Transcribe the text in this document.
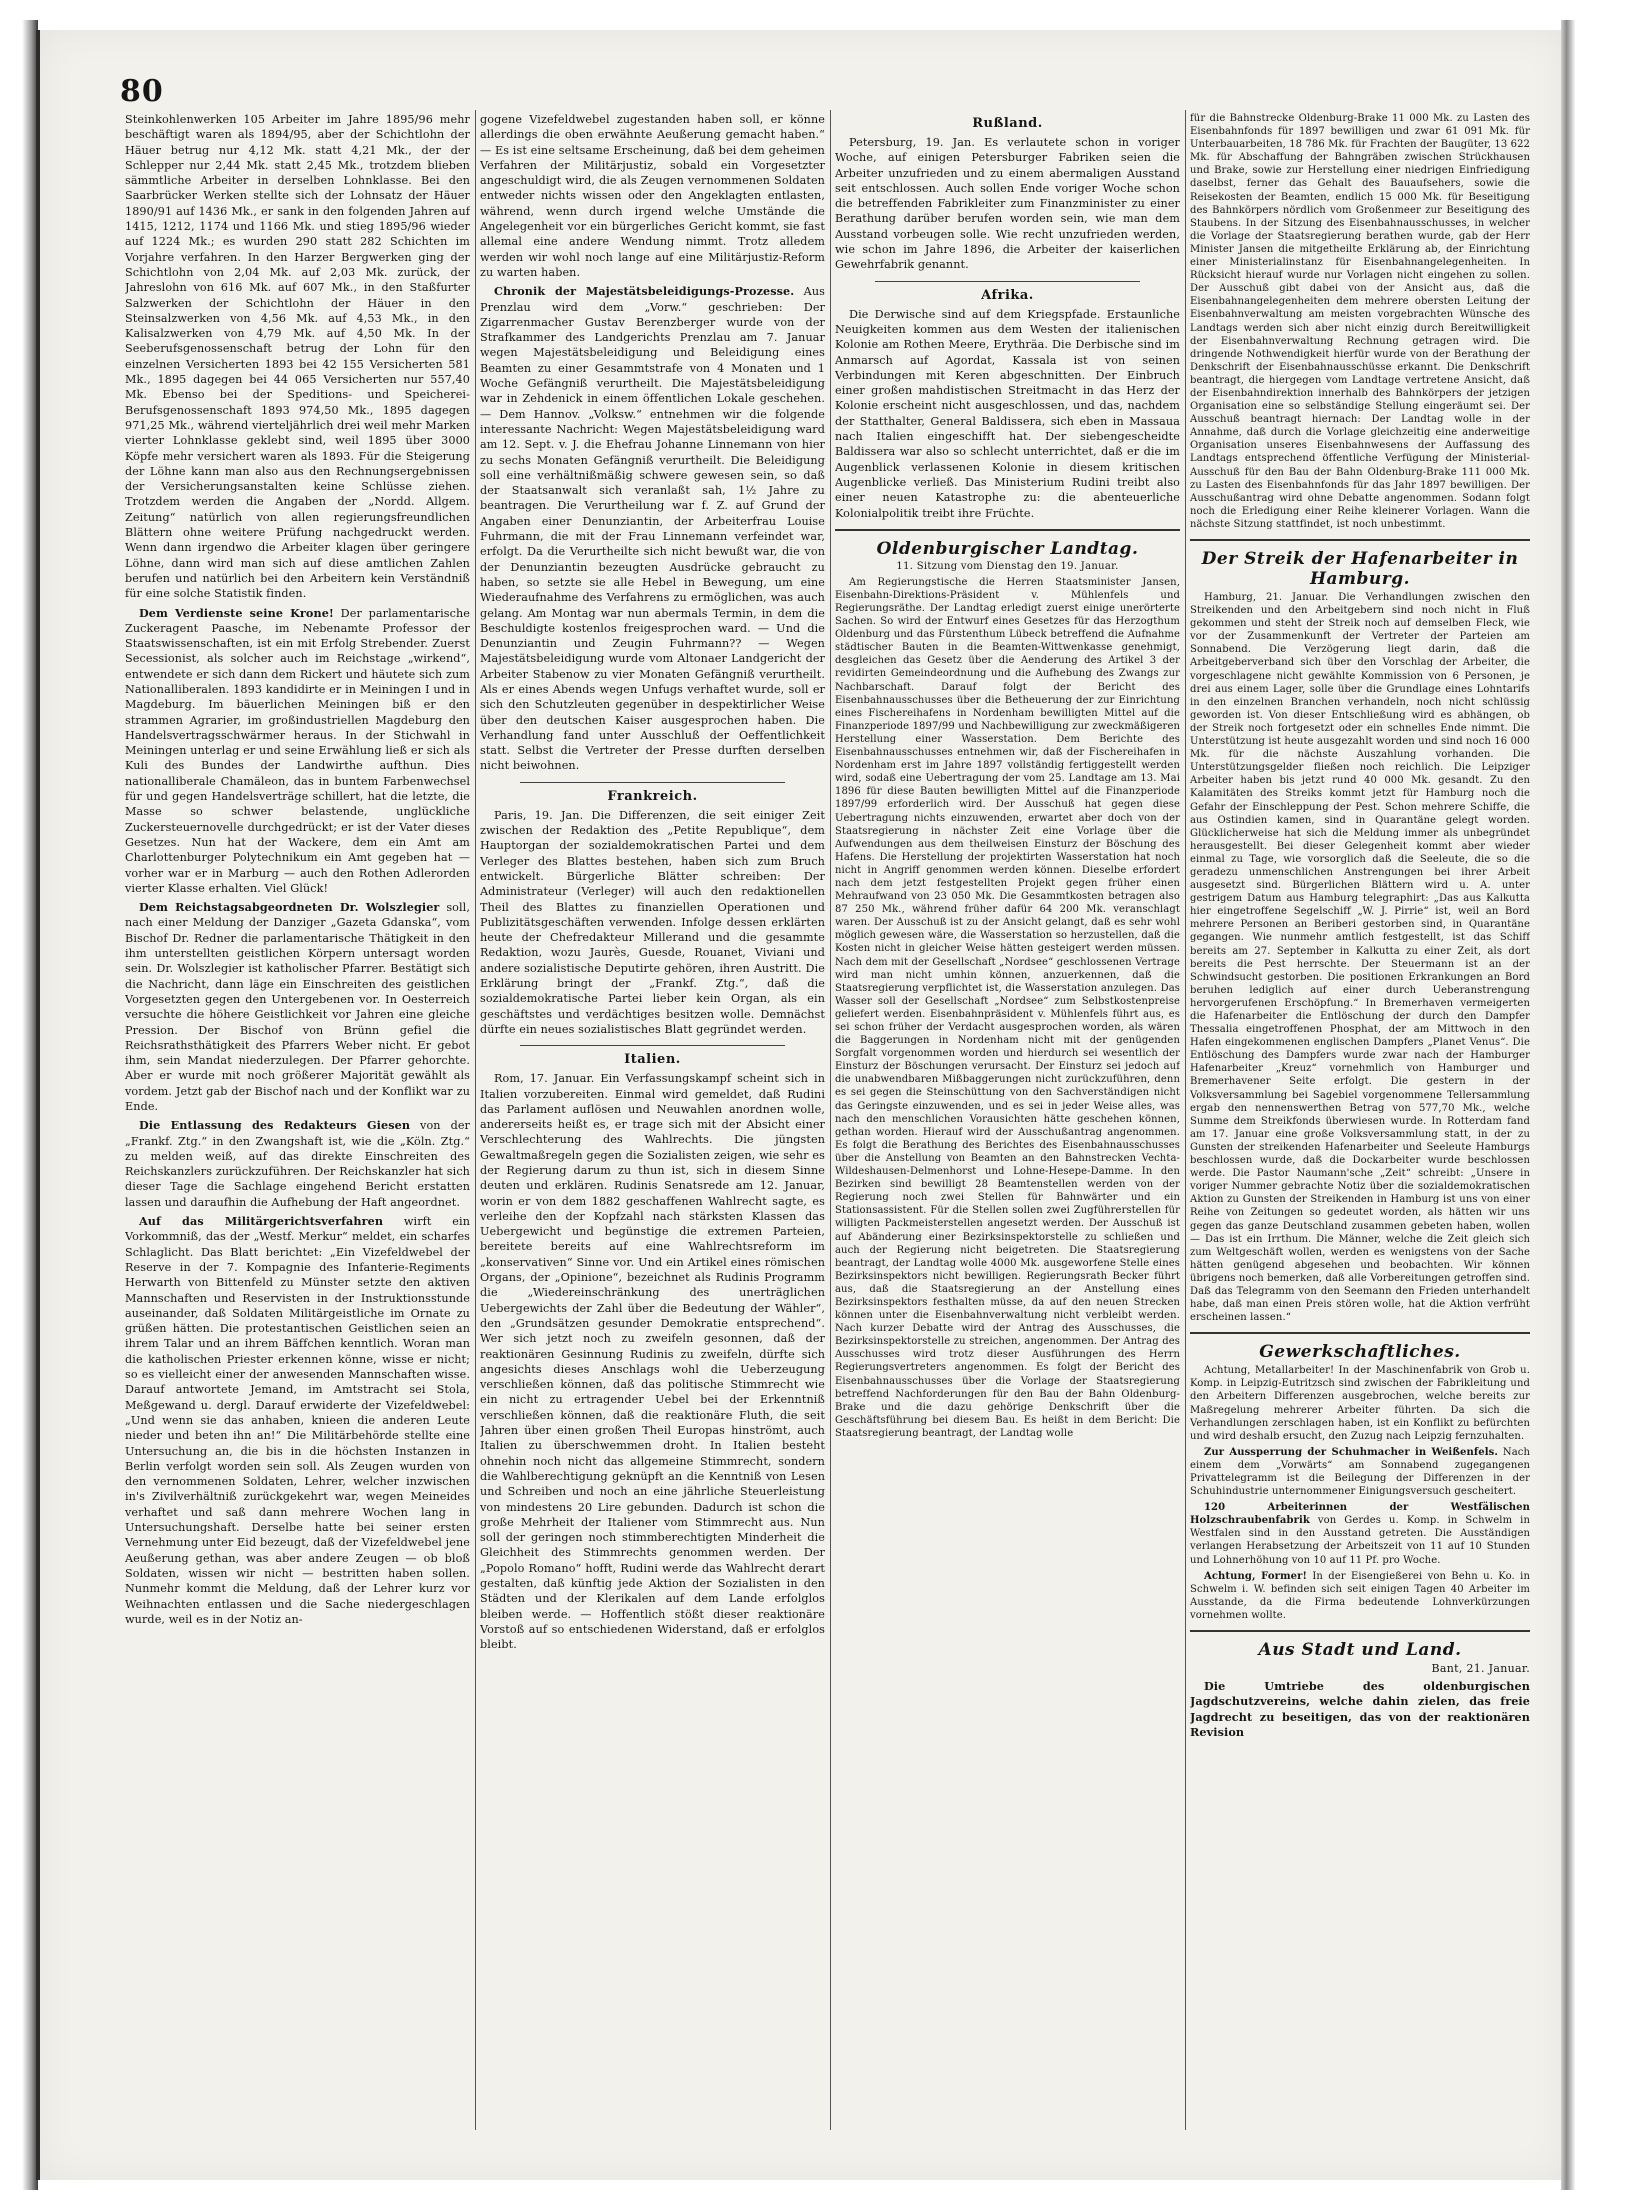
80
Steinkohlenwerken 105 Arbeiter im Jahre 1895/96 mehr beschäftigt waren als 1894/95, aber der Schichtlohn der Häuer betrug nur 4,12 Mk. statt 4,21 Mk., der der Schlepper nur 2,44 Mk. statt 2,45 Mk., trotzdem blieben sämmtliche Arbeiter in derselben Lohnklasse. Bei den Saarbrücker Werken stellte sich der Lohnsatz der Häuer 1890/91 auf 1436 Mk., er sank in den folgenden Jahren auf 1415, 1212, 1174 und 1166 Mk. und stieg 1895/96 wieder auf 1224 Mk.; es wurden 290 statt 282 Schichten im Vorjahre verfahren. In den Harzer Bergwerken ging der Schichtlohn von 2,04 Mk. auf 2,03 Mk. zurück, der Jahreslohn von 616 Mk. auf 607 Mk., in den Staßfurter Salzwerken der Schichtlohn der Häuer in den Steinsalzwerken von 4,56 Mk. auf 4,53 Mk., in den Kalisalzwerken von 4,79 Mk. auf 4,50 Mk. In der Seeberufsgenossenschaft betrug der Lohn für den einzelnen Versicherten 1893 bei 42 155 Versicherten 581 Mk., 1895 dagegen bei 44 065 Versicherten nur 557,40 Mk. Ebenso bei der Speditions- und Speicherei-Berufsgenossenschaft 1893 974,50 Mk., 1895 dagegen 971,25 Mk., während vierteljährlich drei weil mehr Marken vierter Lohnklasse geklebt sind, weil 1895 über 3000 Köpfe mehr versichert waren als 1893. Für die Steigerung der Löhne kann man also aus den Rechnungsergebnissen der Versicherungsanstalten keine Schlüsse ziehen. Trotzdem werden die Angaben der „Nordd. Allgem. Zeitung“ natürlich von allen regierungsfreundlichen Blättern ohne weitere Prüfung nachgedruckt werden. Wenn dann irgendwo die Arbeiter klagen über geringere Löhne, dann wird man sich auf diese amtlichen Zahlen berufen und natürlich bei den Arbeitern kein Verständniß für eine solche Statistik finden.

Dem Verdienste seine Krone! Der parlamentarische Zuckeragent Paasche, im Nebenamte Professor der Staatswissenschaften, ist ein mit Erfolg Strebender. Zuerst Secessionist, als solcher auch im Reichstage „wirkend“, entwendete er sich dann dem Rickert und häutete sich zum Nationalliberalen. 1893 kandidirte er in Meiningen I und in Magdeburg. Im bäuerlichen Meiningen biß er den strammen Agrarier, im großindustriellen Magdeburg den Handelsvertragsschwärmer heraus. In der Stichwahl in Meiningen unterlag er und seine Erwählung ließ er sich als Kuli des Bundes der Landwirthe aufthun. Dies nationalliberale Chamäleon, das in buntem Farbenwechsel für und gegen Handelsverträge schillert, hat die letzte, die Masse so schwer belastende, unglückliche Zuckersteuernovelle durchgedrückt; er ist der Vater dieses Gesetzes. Nun hat der Wackere, dem ein Amt am Charlottenburger Polytechnikum ein Amt gegeben hat — vorher war er in Marburg — auch den Rothen Adlerorden vierter Klasse erhalten. Viel Glück!

Dem Reichstagsabgeordneten Dr. Wolszlegier soll, nach einer Meldung der Danziger „Gazeta Gdanska“, vom Bischof Dr. Redner die parlamentarische Thätigkeit in den ihm unterstellten geistlichen Körpern untersagt worden sein. Dr. Wolszlegier ist katholischer Pfarrer. Bestätigt sich die Nachricht, dann läge ein Einschreiten des geistlichen Vorgesetzten gegen den Untergebenen vor. In Oesterreich versuchte die höhere Geistlichkeit vor Jahren eine gleiche Pression. Der Bischof von Brünn gefiel die Reichsrathsthätigkeit des Pfarrers Weber nicht. Er gebot ihm, sein Mandat niederzulegen. Der Pfarrer gehorchte. Aber er wurde mit noch größerer Majorität gewählt als vordem. Jetzt gab der Bischof nach und der Konflikt war zu Ende.

Die Entlassung des Redakteurs Giesen von der „Frankf. Ztg.“ in den Zwangshaft ist, wie die „Köln. Ztg.“ zu melden weiß, auf das direkte Einschreiten des Reichskanzlers zurückzuführen. Der Reichskanzler hat sich dieser Tage die Sachlage eingehend Bericht erstatten lassen und daraufhin die Aufhebung der Haft angeordnet.

Auf das Militärgerichtsverfahren wirft ein Vorkommniß, das der „Westf. Merkur“ meldet, ein scharfes Schlaglicht. Das Blatt berichtet: „Ein Vizefeldwebel der Reserve in der 7. Kompagnie des Infanterie-Regiments Herwarth von Bittenfeld zu Münster setzte den aktiven Mannschaften und Reservisten in der Instruktionsstunde auseinander, daß Soldaten Militärgeistliche im Ornate zu grüßen hätten. Die protestantischen Geistlichen seien an ihrem Talar und an ihrem Bäffchen kenntlich. Woran man die katholischen Priester erkennen könne, wisse er nicht; so es vielleicht einer der anwesenden Mannschaften wisse. Darauf antwortete Jemand, im Amtstracht sei Stola, Meßgewand u. dergl. Darauf erwiderte der Vizefeldwebel: „Und wenn sie das anhaben, knieen die anderen Leute nieder und beten ihn an!“ Die Militärbehörde stellte eine Untersuchung an, die bis in die höchsten Instanzen in Berlin verfolgt worden sein soll. Als Zeugen wurden von den vernommenen Soldaten, Lehrer, welcher inzwischen in's Zivilverhältniß zurückgekehrt war, wegen Meineides verhaftet und saß dann mehrere Wochen lang in Untersuchungshaft. Derselbe hatte bei seiner ersten Vernehmung unter Eid bezeugt, daß der Vizefeldwebel jene Aeußerung gethan, was aber andere Zeugen — ob bloß Soldaten, wissen wir nicht — bestritten haben sollen. Nunmehr kommt die Meldung, daß der Lehrer kurz vor Weihnachten entlassen und die Sache niedergeschlagen wurde, weil es in der Notiz an-

gogene Vizefeldwebel zugestanden haben soll, er könne allerdings die oben erwähnte Aeußerung gemacht haben.“ — Es ist eine seltsame Erscheinung, daß bei dem geheimen Verfahren der Militärjustiz, sobald ein Vorgesetzter angeschuldigt wird, die als Zeugen vernommenen Soldaten entweder nichts wissen oder den Angeklagten entlasten, während, wenn durch irgend welche Umstände die Angelegenheit vor ein bürgerliches Gericht kommt, sie fast allemal eine andere Wendung nimmt. Trotz alledem werden wir wohl noch lange auf eine Militärjustiz-Reform zu warten haben.

Chronik der Majestätsbeleidigungs-Prozesse. Aus Prenzlau wird dem „Vorw.“ geschrieben: Der Zigarrenmacher Gustav Berenzberger wurde von der Strafkammer des Landgerichts Prenzlau am 7. Januar wegen Majestätsbeleidigung und Beleidigung eines Beamten zu einer Gesammtstrafe von 4 Monaten und 1 Woche Gefängniß verurtheilt. Die Majestätsbeleidigung war in Zehdenick in einem öffentlichen Lokale geschehen. — Dem Hannov. „Volksw.“ entnehmen wir die folgende interessante Nachricht: Wegen Majestätsbeleidigung ward am 12. Sept. v. J. die Ehefrau Johanne Linnemann von hier zu sechs Monaten Gefängniß verurtheilt. Die Beleidigung soll eine verhältnißmäßig schwere gewesen sein, so daß der Staatsanwalt sich veranlaßt sah, 1½ Jahre zu beantragen. Die Verurtheilung war f. Z. auf Grund der Angaben einer Denunziantin, der Arbeiterfrau Louise Fuhrmann, die mit der Frau Linnemann verfeindet war, erfolgt. Da die Verurtheilte sich nicht bewußt war, die von der Denunziantin bezeugten Ausdrücke gebraucht zu haben, so setzte sie alle Hebel in Bewegung, um eine Wiederaufnahme des Verfahrens zu ermöglichen, was auch gelang. Am Montag war nun abermals Termin, in dem die Beschuldigte kostenlos freigesprochen ward. — Und die Denunziantin und Zeugin Fuhrmann?? — Wegen Majestätsbeleidigung wurde vom Altonaer Landgericht der Arbeiter Stabenow zu vier Monaten Gefängniß verurtheilt. Als er eines Abends wegen Unfugs verhaftet wurde, soll er sich den Schutzleuten gegenüber in despektirlicher Weise über den deutschen Kaiser ausgesprochen haben. Die Verhandlung fand unter Ausschluß der Oeffentlichkeit statt. Selbst die Vertreter der Presse durften derselben nicht beiwohnen.

Frankreich.

Paris, 19. Jan. Die Differenzen, die seit einiger Zeit zwischen der Redaktion des „Petite Republique“, dem Hauptorgan der sozialdemokratischen Partei und dem Verleger des Blattes bestehen, haben sich zum Bruch entwickelt. Bürgerliche Blätter schreiben: Der Administrateur (Verleger) will auch den redaktionellen Theil des Blattes zu finanziellen Operationen und Publizitätsgeschäften verwenden. Infolge dessen erklärten heute der Chefredakteur Millerand und die gesammte Redaktion, wozu Jaurès, Guesde, Rouanet, Viviani und andere sozialistische Deputirte gehören, ihren Austritt. Die Erklärung bringt der „Frankf. Ztg.“, daß die sozialdemokratische Partei lieber kein Organ, als ein geschäftstes und verdächtiges besitzen wolle. Demnächst dürfte ein neues sozialistisches Blatt gegründet werden.

Italien.

Rom, 17. Januar. Ein Verfassungskampf scheint sich in Italien vorzubereiten. Einmal wird gemeldet, daß Rudini das Parlament auflösen und Neuwahlen anordnen wolle, andererseits heißt es, er trage sich mit der Absicht einer Verschlechterung des Wahlrechts. Die jüngsten Gewaltmaßregeln gegen die Sozialisten zeigen, wie sehr es der Regierung darum zu thun ist, sich in diesem Sinne deuten und erklären. Rudinis Senatsrede am 12. Januar, worin er von dem 1882 geschaffenen Wahlrecht sagte, es verleihe den der Kopfzahl nach stärksten Klassen das Uebergewicht und begünstige die extremen Parteien, bereitete bereits auf eine Wahlrechtsreform im „konservativen“ Sinne vor. Und ein Artikel eines römischen Organs, der „Opinione“, bezeichnet als Rudinis Programm die „Wiedereinschränkung des unerträglichen Uebergewichts der Zahl über die Bedeutung der Wähler“, den „Grundsätzen gesunder Demokratie entsprechend“. Wer sich jetzt noch zu zweifeln gesonnen, daß der reaktionären Gesinnung Rudinis zu zweifeln, dürfte sich angesichts dieses Anschlags wohl die Ueberzeugung verschließen können, daß das politische Stimmrecht wie ein nicht zu ertragender Uebel bei der Erkenntniß verschließen können, daß die reaktionäre Fluth, die seit Jahren über einen großen Theil Europas hinströmt, auch Italien zu überschwemmen droht. In Italien besteht ohnehin noch nicht das allgemeine Stimmrecht, sondern die Wahlberechtigung geknüpft an die Kenntniß von Lesen und Schreiben und noch an eine jährliche Steuerleistung von mindestens 20 Lire gebunden. Dadurch ist schon die große Mehrheit der Italiener vom Stimmrecht aus. Nun soll der geringen noch stimmberechtigten Minderheit die Gleichheit des Stimmrechts genommen werden. Der „Popolo Romano“ hofft, Rudini werde das Wahlrecht derart gestalten, daß künftig jede Aktion der Sozialisten in den Städten und der Klerikalen auf dem Lande erfolglos bleiben werde. — Hoffentlich stößt dieser reaktionäre Vorstoß auf so entschiedenen Widerstand, daß er erfolglos bleibt.

Rußland.

Petersburg, 19. Jan. Es verlautete schon in voriger Woche, auf einigen Petersburger Fabriken seien die Arbeiter unzufrieden und zu einem abermaligen Ausstand seit entschlossen. Auch sollen Ende voriger Woche schon die betreffenden Fabrikleiter zum Finanzminister zu einer Berathung darüber berufen worden sein, wie man dem Ausstand vorbeugen solle. Wie recht unzufrieden werden, wie schon im Jahre 1896, die Arbeiter der kaiserlichen Gewehrfabrik genannt.

Afrika.

Die Derwische sind auf dem Kriegspfade. Erstaunliche Neuigkeiten kommen aus dem Westen der italienischen Kolonie am Rothen Meere, Erythräa. Die Derbische sind im Anmarsch auf Agordat, Kassala ist von seinen Verbindungen mit Keren abgeschnitten. Der Einbruch einer großen mahdistischen Streitmacht in das Herz der Kolonie erscheint nicht ausgeschlossen, und das, nachdem der Statthalter, General Baldissera, sich eben in Massaua nach Italien eingeschifft hat. Der siebengescheidte Baldissera war also so schlecht unterrichtet, daß er die im Augenblick verlassenen Kolonie in diesem kritischen Augenblicke verließ. Das Ministerium Rudini treibt also einer neuen Katastrophe zu: die abenteuerliche Kolonialpolitik treibt ihre Früchte.

Oldenburgischer Landtag.
11. Sitzung vom Dienstag den 19. Januar.

Am Regierungstische die Herren Staatsminister Jansen, Eisenbahn-Direktions-Präsident v. Mühlenfels und Regierungsräthe. Der Landtag erledigt zuerst einige unerörterte Sachen. So wird der Entwurf eines Gesetzes für das Herzogthum Oldenburg und das Fürstenthum Lübeck betreffend die Aufnahme städtischer Bauten in die Beamten-Wittwenkasse genehmigt, desgleichen das Gesetz über die Aenderung des Artikel 3 der revidirten Gemeindeordnung und die Aufhebung des Zwangs zur Nachbarschaft. Darauf folgt der Bericht des Eisenbahnausschusses über die Betheuerung der zur Einrichtung eines Fischereihafens in Nordenham bewilligten Mittel auf die Finanzperiode 1897/99 und Nachbewilligung zur zweckmäßigeren Herstellung einer Wasserstation. Dem Berichte des Eisenbahnausschusses entnehmen wir, daß der Fischereihafen in Nordenham erst im Jahre 1897 vollständig fertiggestellt werden wird, sodaß eine Uebertragung der vom 25. Landtage am 13. Mai 1896 für diese Bauten bewilligten Mittel auf die Finanzperiode 1897/99 erforderlich wird. Der Ausschuß hat gegen diese Uebertragung nichts einzuwenden, erwartet aber doch von der Staatsregierung in nächster Zeit eine Vorlage über die Aufwendungen aus dem theilweisen Einsturz der Böschung des Hafens. Die Herstellung der projektirten Wasserstation hat noch nicht in Angriff genommen werden können. Dieselbe erfordert nach dem jetzt festgestellten Projekt gegen früher einen Mehraufwand von 23 050 Mk. Die Gesammtkosten betragen also 87 250 Mk., während früher dafür 64 200 Mk. veranschlagt waren. Der Ausschuß ist zu der Ansicht gelangt, daß es sehr wohl möglich gewesen wäre, die Wasserstation so herzustellen, daß die Kosten nicht in gleicher Weise hätten gesteigert werden müssen. Nach dem mit der Gesellschaft „Nordsee“ geschlossenen Vertrage wird man nicht umhin können, anzuerkennen, daß die Staatsregierung verpflichtet ist, die Wasserstation anzulegen. Das Wasser soll der Gesellschaft „Nordsee“ zum Selbstkostenpreise geliefert werden. Eisenbahnpräsident v. Mühlenfels führt aus, es sei schon früher der Verdacht ausgesprochen worden, als wären die Baggerungen in Nordenham nicht mit der genügenden Sorgfalt vorgenommen worden und hierdurch sei wesentlich der Einsturz der Böschungen verursacht. Der Einsturz sei jedoch auf die unabwendbaren Mißbaggerungen nicht zurückzuführen, denn es sei gegen die Steinschüttung von den Sachverständigen nicht das Geringste einzuwenden, und es sei in jeder Weise alles, was nach den menschlichen Vorausichten hätte geschehen können, gethan worden. Hierauf wird der Ausschußantrag angenommen. Es folgt die Berathung des Berichtes des Eisenbahnausschusses über die Anstellung von Beamten an den Bahnstrecken Vechta-Wildeshausen-Delmenhorst und Lohne-Hesepe-Damme. In den Bezirken sind bewilligt 28 Beamtenstellen werden von der Regierung noch zwei Stellen für Bahnwärter und ein Stationsassistent. Für die Stellen sollen zwei Zugführerstellen für willigten Packmeisterstellen angesetzt werden. Der Ausschuß ist auf Abänderung einer Bezirksinspektorstelle zu schließen und auch der Regierung nicht beigetreten. Die Staatsregierung beantragt, der Landtag wolle 4000 Mk. ausgeworfene Stelle eines Bezirksinspektors nicht bewilligen. Regierungsrath Becker führt aus, daß die Staatsregierung an der Anstellung eines Bezirksinspektors festhalten müsse, da auf den neuen Strecken können unter die Eisenbahnverwaltung nicht verbleibt werden. Nach kurzer Debatte wird der Antrag des Ausschusses, die Bezirksinspektorstelle zu streichen, angenommen. Der Antrag des Ausschusses wird trotz dieser Ausführungen des Herrn Regierungsvertreters angenommen. Es folgt der Bericht des Eisenbahnausschusses über die Vorlage der Staatsregierung betreffend Nachforderungen für den Bau der Bahn Oldenburg-Brake und die dazu gehörige Denkschrift über die Geschäftsführung bei diesem Bau. Es heißt in dem Bericht: Die Staatsregierung beantragt, der Landtag wolle

für die Bahnstrecke Oldenburg-Brake 11 000 Mk. zu Lasten des Eisenbahnfonds für 1897 bewilligen und zwar 61 091 Mk. für Unterbauarbeiten, 18 786 Mk. für Frachten der Baugüter, 13 622 Mk. für Abschaffung der Bahngräben zwischen Strückhausen und Brake, sowie zur Herstellung einer niedrigen Einfriedigung daselbst, ferner das Gehalt des Bauaufsehers, sowie die Reisekosten der Beamten, endlich 15 000 Mk. für Beseitigung des Bahnkörpers nördlich vom Großenmeer zur Beseitigung des Staubens. In der Sitzung des Eisenbahnausschusses, in welcher die Vorlage der Staatsregierung berathen wurde, gab der Herr Minister Jansen die mitgetheilte Erklärung ab, der Einrichtung einer Ministerialinstanz für Eisenbahnangelegenheiten. In Rücksicht hierauf wurde nur Vorlagen nicht eingehen zu sollen. Der Ausschuß gibt dabei von der Ansicht aus, daß die Eisenbahnangelegenheiten dem mehrere obersten Leitung der Eisenbahnverwaltung am meisten vorgebrachten Wünsche des Landtags werden sich aber nicht einzig durch Bereitwilligkeit der Eisenbahnverwaltung Rechnung getragen wird. Die dringende Nothwendigkeit hierfür wurde von der Berathung der Denkschrift der Eisenbahnausschüsse erkannt. Die Denkschrift beantragt, die hiergegen vom Landtage vertretene Ansicht, daß der Eisenbahndirektion innerhalb des Bahnkörpers der jetzigen Organisation eine so selbständige Stellung eingeräumt sei. Der Ausschuß beantragt hiernach: Der Landtag wolle in der Annahme, daß durch die Vorlage gleichzeitig eine anderweitige Organisation unseres Eisenbahnwesens der Auffassung des Landtags entsprechend öffentliche Verfügung der Ministerial-Ausschuß für den Bau der Bahn Oldenburg-Brake 111 000 Mk. zu Lasten des Eisenbahnfonds für das Jahr 1897 bewilligen. Der Ausschußantrag wird ohne Debatte angenommen. Sodann folgt noch die Erledigung einer Reihe kleinerer Vorlagen. Wann die nächste Sitzung stattfindet, ist noch unbestimmt.
Der Streik der Hafenarbeiter in Hamburg.

Hamburg, 21. Januar. Die Verhandlungen zwischen den Streikenden und den Arbeitgebern sind noch nicht in Fluß gekommen und steht der Streik noch auf demselben Fleck, wie vor der Zusammenkunft der Vertreter der Parteien am Sonnabend. Die Verzögerung liegt darin, daß die Arbeitgeberverband sich über den Vorschlag der Arbeiter, die vorgeschlagene nicht gewählte Kommission von 6 Personen, je drei aus einem Lager, solle über die Grundlage eines Lohntarifs in den einzelnen Branchen verhandeln, noch nicht schlüssig geworden ist. Von dieser Entschließung wird es abhängen, ob der Streik noch fortgesetzt oder ein schnelles Ende nimmt. Die Unterstützung ist heute ausgezahlt worden und sind noch 16 000 Mk. für die nächste Auszahlung vorhanden. Die Unterstützungsgelder fließen noch reichlich. Die Leipziger Arbeiter haben bis jetzt rund 40 000 Mk. gesandt. Zu den Kalamitäten des Streiks kommt jetzt für Hamburg noch die Gefahr der Einschleppung der Pest. Schon mehrere Schiffe, die aus Ostindien kamen, sind in Quarantäne gelegt worden. Glücklicherweise hat sich die Meldung immer als unbegründet herausgestellt. Bei dieser Gelegenheit kommt aber wieder einmal zu Tage, wie vorsorglich daß die Seeleute, die so die geradezu unmenschlichen Anstrengungen bei ihrer Arbeit ausgesetzt sind. Bürgerlichen Blättern wird u. A. unter gestrigem Datum aus Hamburg telegraphirt: „Das aus Kalkutta hier eingetroffene Segelschiff „W. J. Pirrie“ ist, weil an Bord mehrere Personen an Beriberi gestorben sind, in Quarantäne gegangen. Wie nunmehr amtlich festgestellt, ist das Schiff bereits am 27. September in Kalkutta zu einer Zeit, als dort bereits die Pest herrschte. Der Steuermann ist an der Schwindsucht gestorben. Die positionen Erkrankungen an Bord beruhen lediglich auf einer durch Ueberanstrengung hervorgerufenen Erschöpfung.“ In Bremerhaven vermeigerten die Hafenarbeiter die Entlöschung der durch den Dampfer Thessalia eingetroffenen Phosphat, der am Mittwoch in den Hafen eingekommenen englischen Dampfers „Planet Venus“. Die Entlöschung des Dampfers wurde zwar nach der Hamburger Hafenarbeiter „Kreuz“ vornehmlich von Hamburger und Bremerhavener Seite erfolgt. Die gestern in der Volksversammlung bei Sagebiel vorgenommene Tellersammlung ergab den nennenswerthen Betrag von 577,70 Mk., welche Summe dem Streikfonds überwiesen wurde. In Rotterdam fand am 17. Januar eine große Volksversammlung statt, in der zu Gunsten der streikenden Hafenarbeiter und Seeleute Hamburgs beschlossen wurde, daß die Dockarbeiter wurde beschlossen werde. Die Pastor Naumann'sche „Zeit“ schreibt: „Unsere in voriger Nummer gebrachte Notiz über die sozialdemokratischen Aktion zu Gunsten der Streikenden in Hamburg ist uns von einer Reihe von Zeitungen so gedeutet worden, als hätten wir uns gegen das ganze Deutschland zusammen gebeten haben, wollen — Das ist ein Irrthum. Die Männer, welche die Zeit gleich sich zum Weltgeschäft wollen, werden es wenigstens von der Sache hätten genügend abgesehen und beobachten. Wir können übrigens noch bemerken, daß alle Vorbereitungen getroffen sind. Daß das Telegramm von den Seemann den Frieden unterhandelt habe, daß man einen Preis stören wolle, hat die Aktion verfrüht erscheinen lassen.“

Gewerkschaftliches.

Achtung, Metallarbeiter! In der Maschinenfabrik von Grob u. Komp. in Leipzig-Eutritzsch sind zwischen der Fabrikleitung und den Arbeitern Differenzen ausgebrochen, welche bereits zur Maßregelung mehrerer Arbeiter führten. Da sich die Verhandlungen zerschlagen haben, ist ein Konflikt zu befürchten und wird deshalb ersucht, den Zuzug nach Leipzig fernzuhalten.

Zur Aussperrung der Schuhmacher in Weißenfels. Nach einem dem „Vorwärts“ am Sonnabend zugegangenen Privattelegramm ist die Beilegung der Differenzen in der Schuhindustrie unternommener Einigungsversuch gescheitert.

120 Arbeiterinnen der Westfälischen Holzschraubenfabrik von Gerdes u. Komp. in Schwelm in Westfalen sind in den Ausstand getreten. Die Ausständigen verlangen Herabsetzung der Arbeitszeit von 11 auf 10 Stunden und Lohnerhöhung von 10 auf 11 Pf. pro Woche.

Achtung, Former! In der Eisengießerei von Behn u. Ko. in Schwelm i. W. befinden sich seit einigen Tagen 40 Arbeiter im Ausstande, da die Firma bedeutende Lohnverkürzungen vornehmen wollte.

Aus Stadt und Land.
Bant, 21. Januar.

Die Umtriebe des oldenburgischen Jagdschutzvereins, welche dahin zielen, das freie Jagdrecht zu beseitigen, das von der reaktionären Revision
